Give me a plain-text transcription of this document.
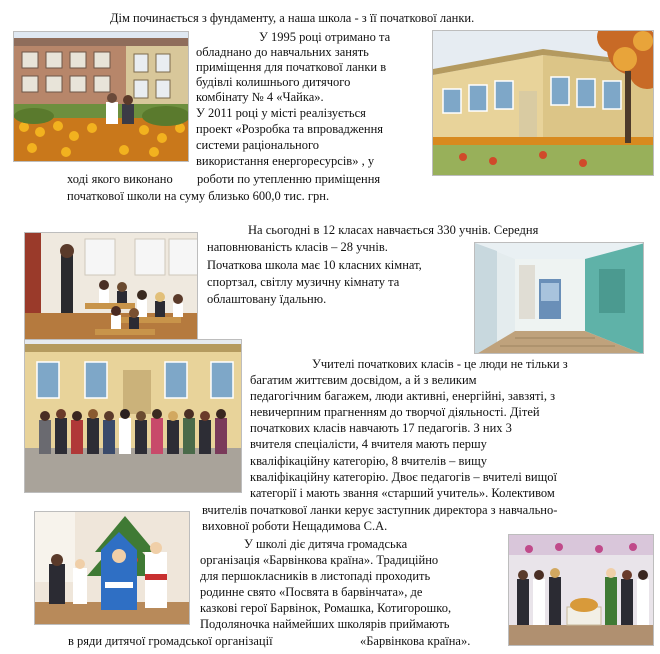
Дім починається з фундаменту, а наша школа - з її початкової ланки.

У 1995 році отримано та

обладнано до навчальних занять

приміщення для початкової ланки в

будівлі колишнього дитячого

комбінату № 4 «Чайка».

У 2011 році у місті реалізується

проект «Розробка та впровадження

системи раціонального

використання енергоресурсів» , у

ході якого виконано роботи по утепленню приміщення

початкової школи на суму близько 600,0 тис. грн.

На сьогодні в 12 класах навчається 330 учнів. Середня

наповнюваність класів – 28 учнів.

Початкова школа має 10 класних кімнат,

спортзал, світлу музичну кімнату та

облаштовану їдальню.

Учителі початкових класів - це люди не тільки з

багатим життєвим досвідом, а й з великим

педагогічним багажем, люди активні, енергійні, завзяті, з

невичерпним прагненням до творчої діяльності. Дітей

початкових класів навчають 17 педагогів. З них 3

вчителя спеціалісти, 4 вчителя мають першу

кваліфікаційну категорію, 8 вчителів – вищу

кваліфікаційну категорію. Двоє педагогів – вчителі вищої

категорії і мають звання «старший учитель». Колективом

вчителів початкової ланки керує заступник директора з навчально-

виховної роботи Нещадимова С.А.

У школі діє дитяча громадська

організація «Барвінкова країна». Традиційно

для першокласників в листопаді проходить

родинне свято «Посвята в барвінчата», де

казкові герої Барвінок, Ромашка, Котигорошко,

Подоляночка наймейших школярів приймають

в ряди дитячої громадської організації	«Барвінкова країна».
